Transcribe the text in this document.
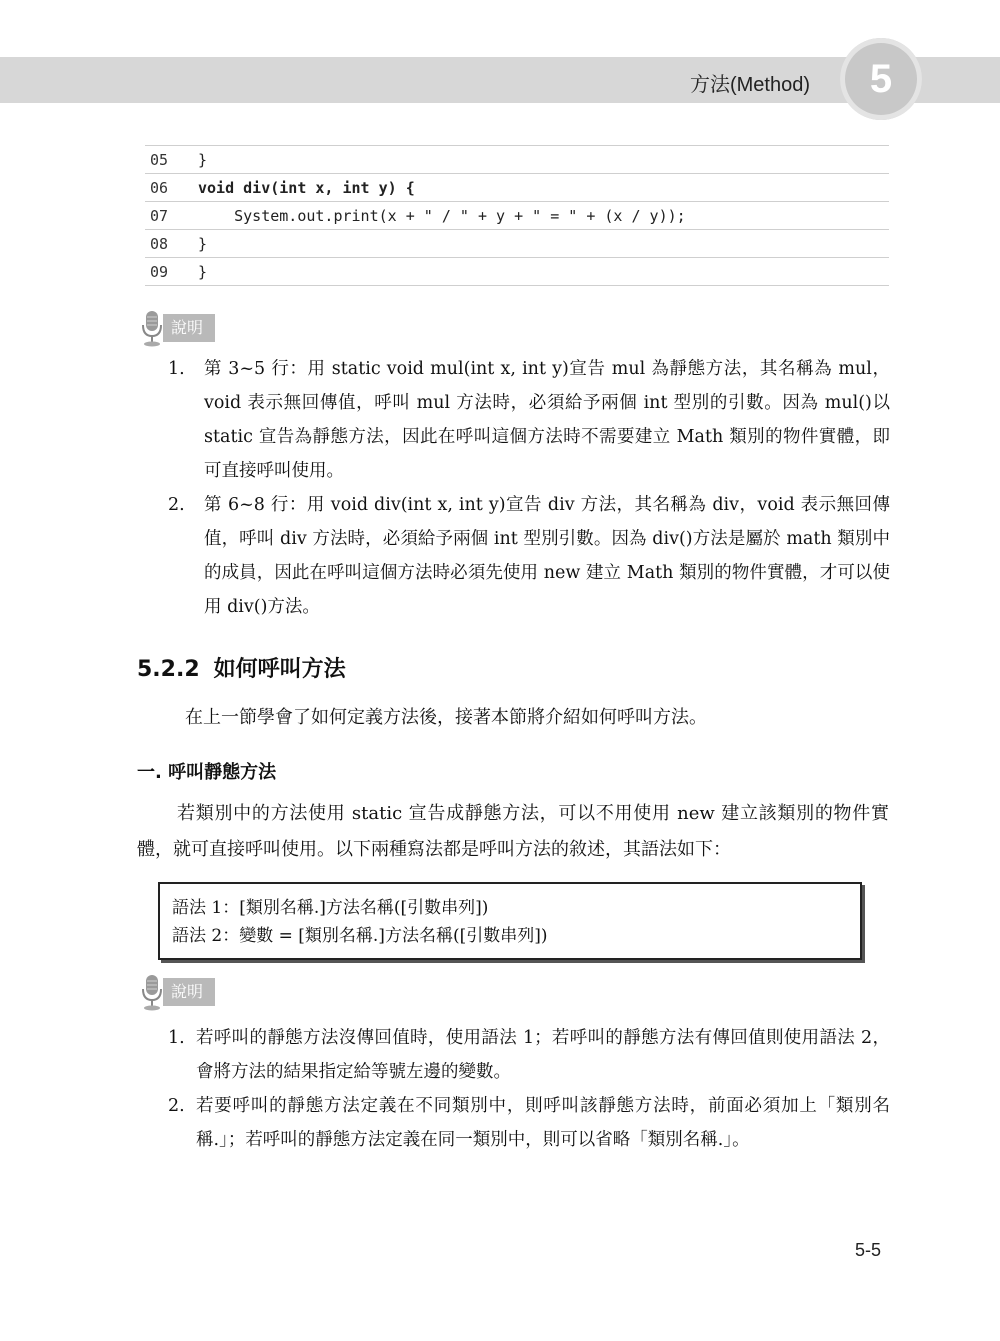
方法(Method)	5
05	}
06	void div(int x, int y) {
07	System.out.print(x + " / " + y + " = " + (x / y));
08	}
09	}
說明
1.	第 3~5 行：用 static void mul(int x, int y)宣告 mul 為靜態方法，其名稱為 mul，void 表示無回傳值，呼叫 mul 方法時，必須給予兩個 int 型別的引數。因為 mul()以 static 宣告為靜態方法，因此在呼叫這個方法時不需要建立 Math 類別的物件實體，即可直接呼叫使用。
2.	第 6~8 行：用 void div(int x, int y)宣告 div 方法，其名稱為 div，void 表示無回傳值，呼叫 div 方法時，必須給予兩個 int 型別引數。因為 div()方法是屬於 math 類別中的成員，因此在呼叫這個方法時必須先使用 new 建立 Math 類別的物件實體，才可以使用 div()方法。
5.2.2 如何呼叫方法
在上一節學會了如何定義方法後，接著本節將介紹如何呼叫方法。
一. 呼叫靜態方法
若類別中的方法使用 static 宣告成靜態方法，可以不用使用 new 建立該類別的物件實體，就可直接呼叫使用。以下兩種寫法都是呼叫方法的敘述，其語法如下：
語法 1：[類別名稱.]方法名稱([引數串列])
語法 2：變數 = [類別名稱.]方法名稱([引數串列])
說明
1. 若呼叫的靜態方法沒傳回值時，使用語法 1；若呼叫的靜態方法有傳回值則使用語法 2，會將方法的結果指定給等號左邊的變數。
2. 若要呼叫的靜態方法定義在不同類別中，則呼叫該靜態方法時，前面必須加上「類別名稱.」；若呼叫的靜態方法定義在同一類別中，則可以省略「類別名稱.」。
5-5
